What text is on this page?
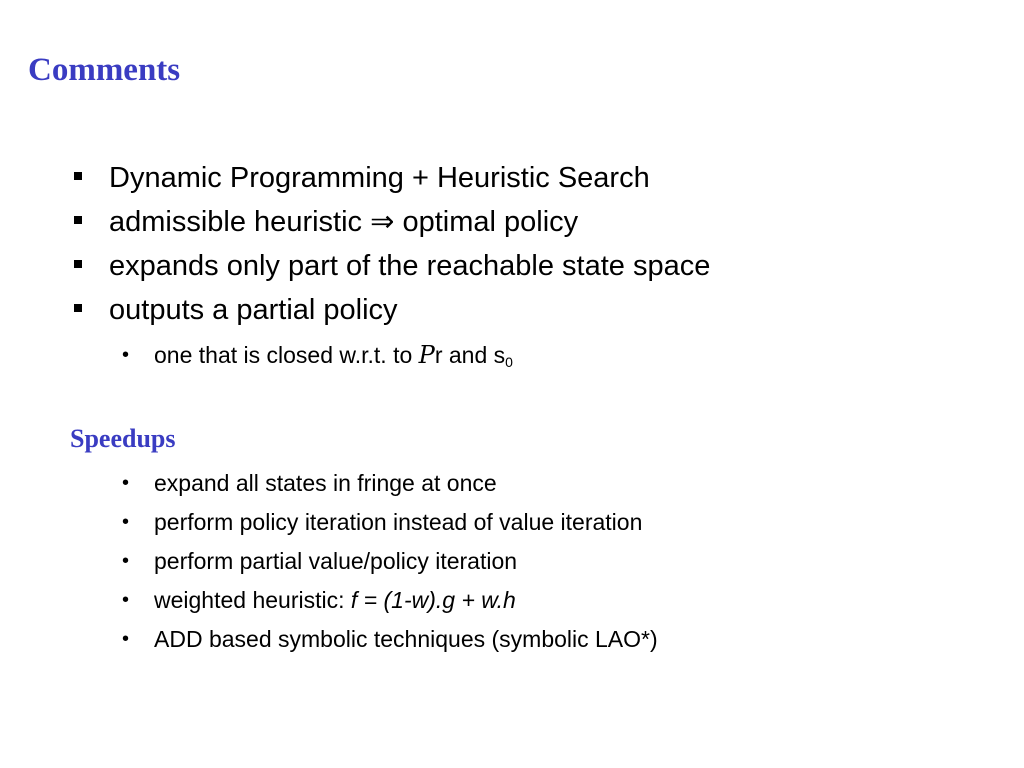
Comments
Dynamic Programming + Heuristic Search
admissible heuristic ⇒ optimal policy
expands only part of the reachable state space
outputs a partial policy
• one that is closed w.r.t. to Pr and $s_0$
Speedups
• expand all states in fringe at once
• perform policy iteration instead of value iteration
• perform partial value/policy iteration
• weighted heuristic: f = (1-w).g + w.h
• ADD based symbolic techniques (symbolic LAO*)
